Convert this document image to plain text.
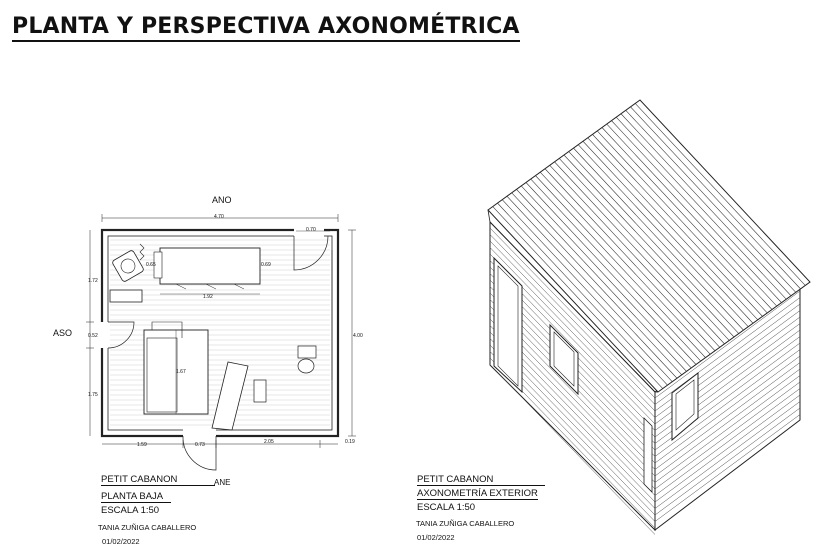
PLANTA Y PERSPECTIVA AXONOMÉTRICA
ANO
ASO
ANE
4.70
0.70
4.00
1.72
0.52
1.75
1.59	0.73	2.05	0.19
1.92
0.69
0.65
1.67
PETIT CABANON
PLANTA BAJA
ESCALA 1:50
TANIA ZUÑIGA CABALLERO
01/02/2022
PETIT CABANON
AXONOMETRÍA EXTERIOR
ESCALA 1:50
TANIA ZUÑIGA CABALLERO
01/02/2022
